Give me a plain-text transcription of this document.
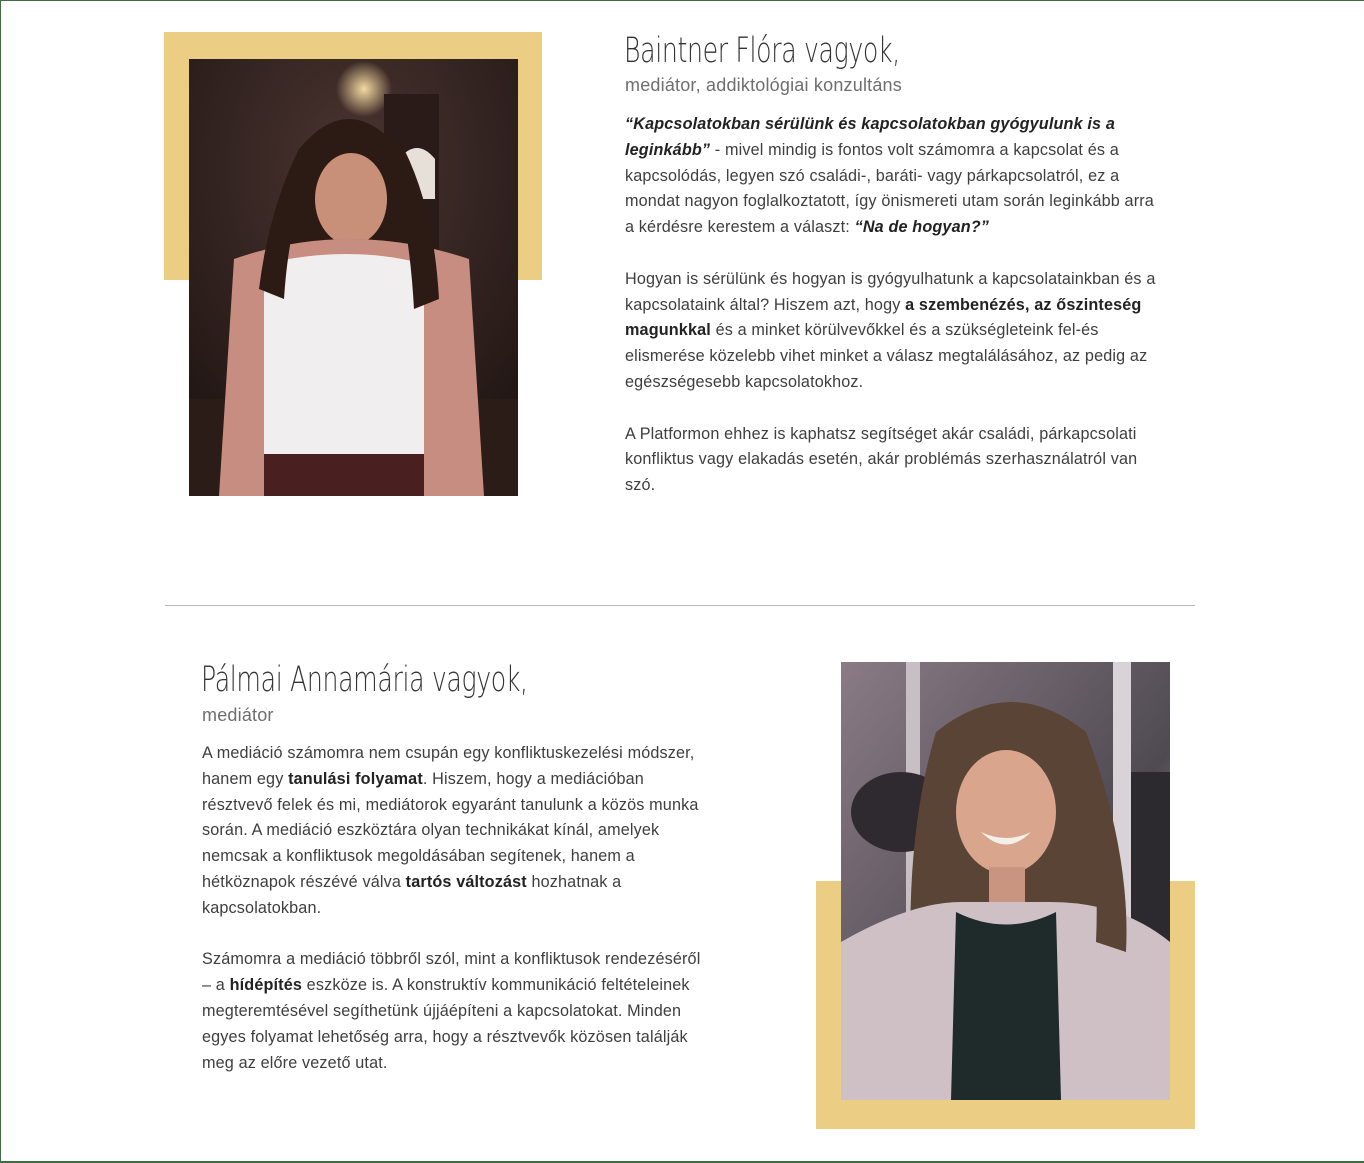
Baintner Flóra vagyok,
mediátor, addiktológiai konzultáns

“Kapcsolatokban sérülünk és kapcsolatokban gyógyulunk is a leginkább” - mivel mindig is fontos volt számomra a kapcsolat és a kapcsolódás, legyen szó családi-, baráti- vagy párkapcsolatról, ez a mondat nagyon foglalkoztatott, így önismereti utam során leginkább arra a kérdésre kerestem a választ: “Na de hogyan?”

Hogyan is sérülünk és hogyan is gyógyulhatunk a kapcsolatainkban és a kapcsolataink által? Hiszem azt, hogy a szembenézés, az őszinteség magunkkal és a minket körülvevőkkel és a szükségleteink fel-és elismerése közelebb vihet minket a válasz megtalálásához, az pedig az egészségesebb kapcsolatokhoz.

A Platformon ehhez is kaphatsz segítséget akár családi, párkapcsolati konfliktus vagy elakadás esetén, akár problémás szerhasználatról van szó.

Pálmai Annamária vagyok,
mediátor

A mediáció számomra nem csupán egy konfliktuskezelési módszer, hanem egy tanulási folyamat. Hiszem, hogy a mediációban résztvevő felek és mi, mediátorok egyaránt tanulunk a közös munka során. A mediáció eszköztára olyan technikákat kínál, amelyek nemcsak a konfliktusok megoldásában segítenek, hanem a hétköznapok részévé válva tartós változást hozhatnak a kapcsolatokban.

Számomra a mediáció többről szól, mint a konfliktusok rendezéséről – a hídépítés eszköze is. A konstruktív kommunikáció feltételeinek megteremtésével segíthetünk újjáépíteni a kapcsolatokat. Minden egyes folyamat lehetőség arra, hogy a résztvevők közösen találják meg az előre vezető utat.
